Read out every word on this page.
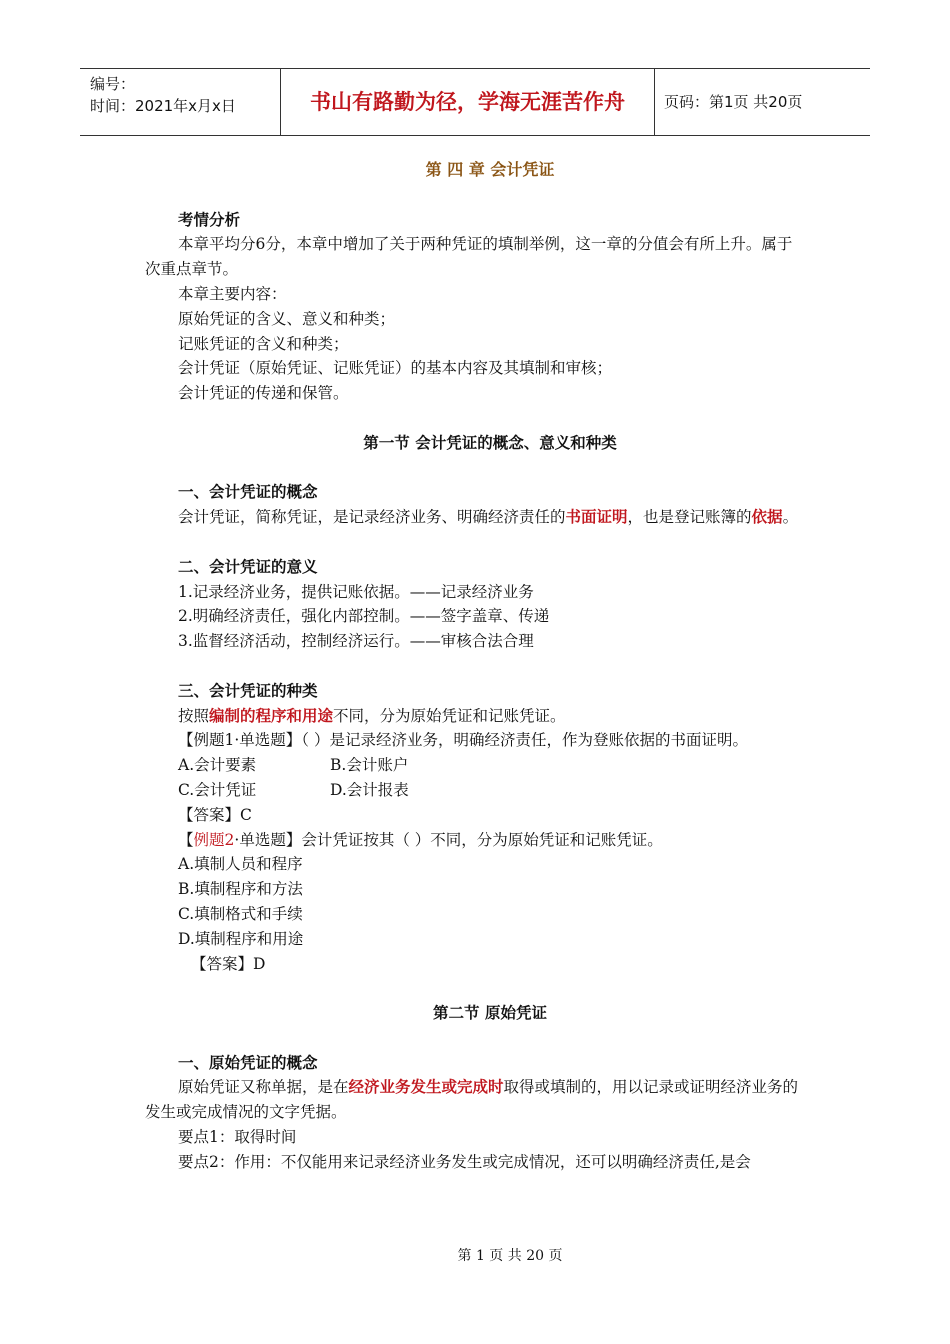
编号：
时间：2021年x月x日	书山有路勤为径，学海无涯苦作舟	页码：第1页 共20页
第 四 章 会计凭证
考情分析
本章平均分6分，本章中增加了关于两种凭证的填制举例，这一章的分值会有所上升。属于次重点章节。
本章主要内容：
原始凭证的含义、意义和种类；
记账凭证的含义和种类；
会计凭证（原始凭证、记账凭证）的基本内容及其填制和审核；
会计凭证的传递和保管。
第一节 会计凭证的概念、意义和种类
一、会计凭证的概念
会计凭证，简称凭证，是记录经济业务、明确经济责任的书面证明，也是登记账簿的依据。
二、会计凭证的意义
1.记录经济业务，提供记账依据。——记录经济业务
2.明确经济责任，强化内部控制。——签字盖章、传递
3.监督经济活动，控制经济运行。——审核合法合理
三、会计凭证的种类
按照编制的程序和用途不同，分为原始凭证和记账凭证。
【例题1·单选题】（ ）是记录经济业务，明确经济责任，作为登账依据的书面证明。
A.会计要素	B.会计账户
C.会计凭证	D.会计报表
【答案】C
【例题2·单选题】会计凭证按其（ ）不同，分为原始凭证和记账凭证。
A.填制人员和程序
B.填制程序和方法
C.填制格式和手续
D.填制程序和用途
【答案】D
第二节 原始凭证
一、原始凭证的概念
原始凭证又称单据，是在经济业务发生或完成时取得或填制的，用以记录或证明经济业务的发生或完成情况的文字凭据。
要点1：取得时间
要点2：作用：不仅能用来记录经济业务发生或完成情况，还可以明确经济责任,是会
第 1 页 共 20 页
